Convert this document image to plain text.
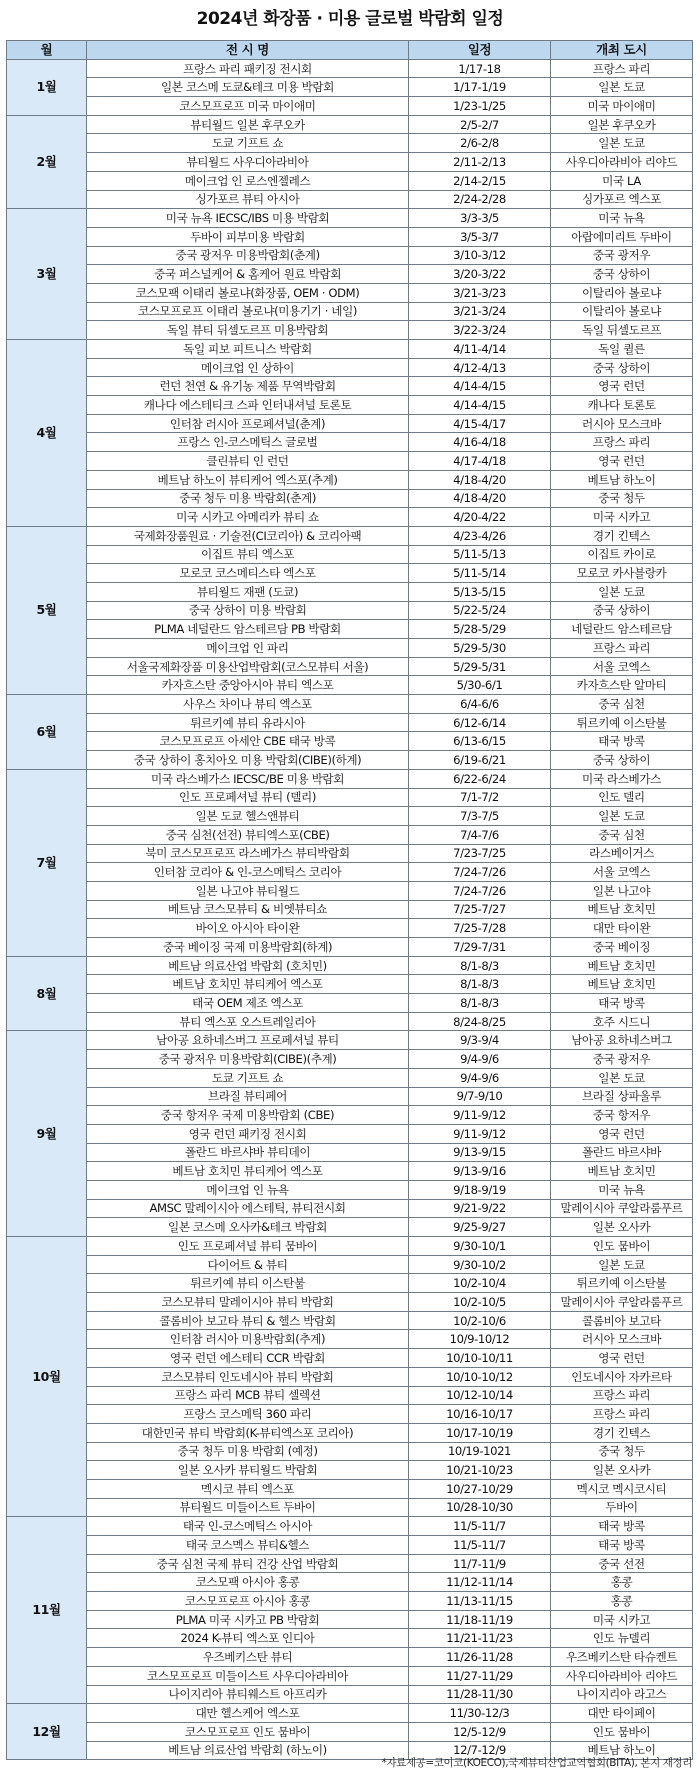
2024년 화장품 · 미용 글로벌 박람회 일정
월	전 시 명	일정	개최 도시
1월	프랑스 파리 패키징 전시회	1/17-18	프랑스 파리
	일본 코스메 도쿄&테크 미용 박람회	1/17-1/19	일본 도쿄
	코스모프로프 미국 마이애미	1/23-1/25	미국 마이애미
2월	뷰티월드 일본 후쿠오카	2/5-2/7	일본 후쿠오카
	도쿄 기프트 쇼	2/6-2/8	일본 도쿄
	뷰티월드 사우디아라비아	2/11-2/13	사우디아라비아 리야드
	메이크업 인 로스엔젤레스	2/14-2/15	미국 LA
	싱가포르 뷰티 아시아	2/24-2/28	싱가포르 엑스포
3월	미국 뉴욕 IECSC/IBS 미용 박람회	3/3-3/5	미국 뉴욕
	두바이 피부미용 박람회	3/5-3/7	아랍에미리트 두바이
	중국 광저우 미용박람회(춘계)	3/10-3/12	중국 광저우
	중국 퍼스널케어 & 홈케어 원료 박람회	3/20-3/22	중국 상하이
	코스모팩 이태리 볼로냐(화장품, OEM · ODM)	3/21-3/23	이탈리아 볼로냐
	코스모프로프 이태리 볼로냐(미용기기 · 네일)	3/21-3/24	이탈리아 볼로냐
	독일 뷰티 뒤셀도르프 미용박람회	3/22-3/24	독일 뒤셀도르프
4월	독일 피보 피트니스 박람회	4/11-4/14	독일 퀼른
	메이크업 인 상하이	4/12-4/13	중국 상하이
	런던 천연 & 유기농 제품 무역박람회	4/14-4/15	영국 런던
	캐나다 에스테티크 스파 인터내셔널 토론토	4/14-4/15	캐나다 토론토
	인터참 러시아 프로페셔널(춘계)	4/15-4/17	러시아 모스크바
	프랑스 인-코스메틱스 글로벌	4/16-4/18	프랑스 파리
	클린뷰티 인 런던	4/17-4/18	영국 런던
	베트남 하노이 뷰티케어 엑스포(추계)	4/18-4/20	베트남 하노이
	중국 청두 미용 박람회(춘계)	4/18-4/20	중국 청두
	미국 시카고 아메리카 뷰티 쇼	4/20-4/22	미국 시카고
5월	국제화장품원료 · 기술전(CI코리아) & 코리아팩	4/23-4/26	경기 킨텍스
	이집트 뷰티 엑스포	5/11-5/13	이집트 카이로
	모로코 코스메티스타 엑스포	5/11-5/14	모로코 카사블랑카
	뷰티월드 재팬 (도쿄)	5/13-5/15	일본 도쿄
	중국 상하이 미용 박람회	5/22-5/24	중국 상하이
	PLMA 네덜란드 암스테르담 PB 박람회	5/28-5/29	네덜란드 암스테르담
	메이크업 인 파리	5/29-5/30	프랑스 파리
	서울국제화장품 미용산업박람회(코스모뷰티 서울)	5/29-5/31	서울 코엑스
	카자흐스탄 중앙아시아 뷰티 엑스포	5/30-6/1	카자흐스탄 알마티
6월	사우스 차이나 뷰티 엑스포	6/4-6/6	중국 심천
	튀르키예 뷰티 유라시아	6/12-6/14	튀르키예 이스탄불
	코스모프로프 아세안 CBE 태국 방콕	6/13-6/15	태국 방콕
	중국 상하이 홍치아오 미용 박람회(CIBE)(하계)	6/19-6/21	중국 상하이
7월	미국 라스베가스 IECSC/BE 미용 박람회	6/22-6/24	미국 라스베가스
	인도 프로페셔널 뷰티 (델리)	7/1-7/2	인도 델리
	일본 도쿄 헬스앤뷰티	7/3-7/5	일본 도쿄
	중국 심천(선전) 뷰티엑스포(CBE)	7/4-7/6	중국 심천
	북미 코스모프로프 라스베가스 뷰티박람회	7/23-7/25	라스베이거스
	인터참 코리아 & 인-코스메틱스 코리아	7/24-7/26	서울 코엑스
	일본 나고야 뷰티월드	7/24-7/26	일본 나고야
	베트남 코스모뷰티 & 비엣뷰티쇼	7/25-7/27	베트남 호치민
	바이오 아시아 타이완	7/25-7/28	대만 타이완
	중국 베이징 국제 미용박람회(하계)	7/29-7/31	중국 베이징
8월	베트남 의료산업 박람회 (호치민)	8/1-8/3	베트남 호치민
	베트남 호치민 뷰티케어 엑스포	8/1-8/3	베트남 호치민
	태국 OEM 제조 엑스포	8/1-8/3	태국 방콕
	뷰티 엑스포 오스트레일리아	8/24-8/25	호주 시드니
9월	남아공 요하네스버그 프로페셔널 뷰티	9/3-9/4	남아공 요하네스버그
	중국 광저우 미용박람회(CIBE)(추계)	9/4-9/6	중국 광저우
	도쿄 기프트 쇼	9/4-9/6	일본 도쿄
	브라질 뷰티페어	9/7-9/10	브라질 상파울루
	중국 항저우 국제 미용박람회 (CBE)	9/11-9/12	중국 항저우
	영국 런던 패키징 전시회	9/11-9/12	영국 런던
	폴란드 바르샤바 뷰티데이	9/13-9/15	폴란드 바르샤바
	베트남 호치민 뷰티케어 엑스포	9/13-9/16	베트남 호치민
	메이크업 인 뉴욕	9/18-9/19	미국 뉴욕
	AMSC 말레이시아 에스테틱, 뷰티전시회	9/21-9/22	말레이시아 쿠알라룸푸르
	일본 코스메 오사카&테크 박람회	9/25-9/27	일본 오사카
10월	인도 프로페셔널 뷰티 뭄바이	9/30-10/1	인도 뭄바이
	다이어트 & 뷰티	9/30-10/2	일본 도쿄
	튀르키예 뷰티 이스탄불	10/2-10/4	튀르키예 이스탄불
	코스모뷰티 말레이시아 뷰티 박람회	10/2-10/5	말레이시아 쿠알라룸푸르
	콜롬비아 보고타 뷰티 & 헬스 박람회	10/2-10/6	콜롬비아 보고타
	인터참 러시아 미용박람회(추계)	10/9-10/12	러시아 모스크바
	영국 런던 에스테티 CCR 박람회	10/10-10/11	영국 런던
	코스모뷰티 인도네시아 뷰티 박람회	10/10-10/12	인도네시아 자카르타
	프랑스 파리 MCB 뷰티 셀렉션	10/12-10/14	프랑스 파리
	프랑스 코스메틱 360 파리	10/16-10/17	프랑스 파리
	대한민국 뷰티 박람회(K-뷰티엑스포 코리아)	10/17-10/19	경기 킨텍스
	중국 청두 미용 박람회 (예정)	10/19-1021	중국 청두
	일본 오사카 뷰티월드 박람회	10/21-10/23	일본 오사카
	멕시코 뷰티 엑스포	10/27-10/29	멕시코 멕시코시티
	뷰티월드 미들이스트 두바이	10/28-10/30	두바이
11월	태국 인-코스메틱스 아시아	11/5-11/7	태국 방콕
	태국 코스멕스 뷰티&헬스	11/5-11/7	태국 방콕
	중국 심천 국제 뷰티 건강 산업 박람회	11/7-11/9	중국 선전
	코스모팩 아시아 홍콩	11/12-11/14	홍콩
	코스모프로프 아시아 홍콩	11/13-11/15	홍콩
	PLMA 미국 시카고 PB 박람회	11/18-11/19	미국 시카고
	2024 K-뷰티 엑스포 인디아	11/21-11/23	인도 뉴델리
	우즈베키스탄 뷰티	11/26-11/28	우즈베키스탄 타슈켄트
	코스모프로프 미들이스트 사우디아라비아	11/27-11/29	사우디아라비아 리야드
	나이지리아 뷰티웨스트 아프리카	11/28-11/30	나이지리아 라고스
12월	대만 헬스케어 엑스포	11/30-12/3	대만 타이페이
	코스모프로프 인도 뭄바이	12/5-12/9	인도 뭄바이
	베트남 의료산업 박람회 (하노이)	12/7-12/9	베트남 하노이
*자료제공=코이코(KOECO),국제뷰티산업교역협회(BITA), 본지 재정리
